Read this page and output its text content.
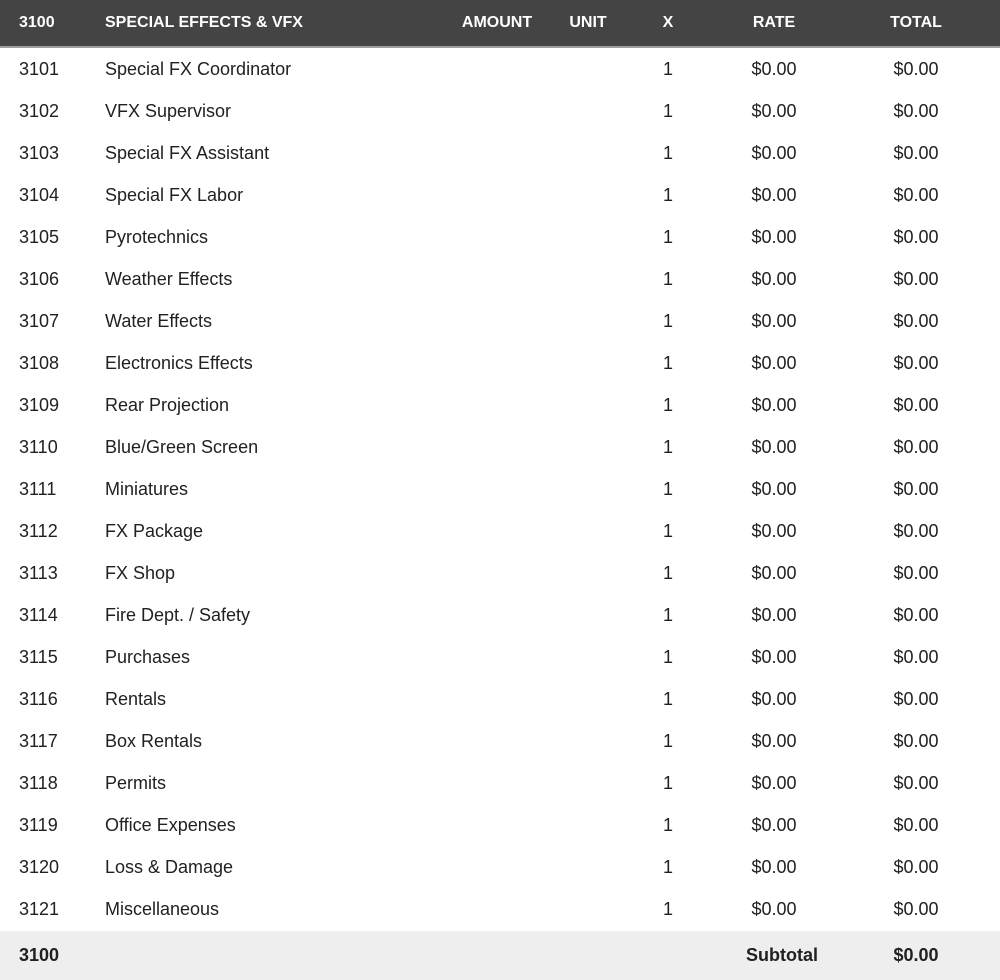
3100	SPECIAL EFFECTS & VFX	AMOUNT UNIT	X	RATE	TOTAL
3101	Special FX Coordinator	1	$0.00	$0.00
3102	VFX Supervisor	1	$0.00	$0.00
3103	Special FX Assistant	1	$0.00	$0.00
3104	Special FX Labor	1	$0.00	$0.00
3105	Pyrotechnics	1	$0.00	$0.00
3106	Weather Effects	1	$0.00	$0.00
3107	Water Effects	1	$0.00	$0.00
3108	Electronics Effects	1	$0.00	$0.00
3109	Rear Projection	1	$0.00	$0.00
3110	Blue/Green Screen	1	$0.00	$0.00
3111	Miniatures	1	$0.00	$0.00
3112	FX Package	1	$0.00	$0.00
3113	FX Shop	1	$0.00	$0.00
3114	Fire Dept. / Safety	1	$0.00	$0.00
3115	Purchases	1	$0.00	$0.00
3116	Rentals	1	$0.00	$0.00
3117	Box Rentals	1	$0.00	$0.00
3118	Permits	1	$0.00	$0.00
3119	Office Expenses	1	$0.00	$0.00
3120	Loss & Damage	1	$0.00	$0.00
3121	Miscellaneous	1	$0.00	$0.00
3100	Subtotal	$0.00
